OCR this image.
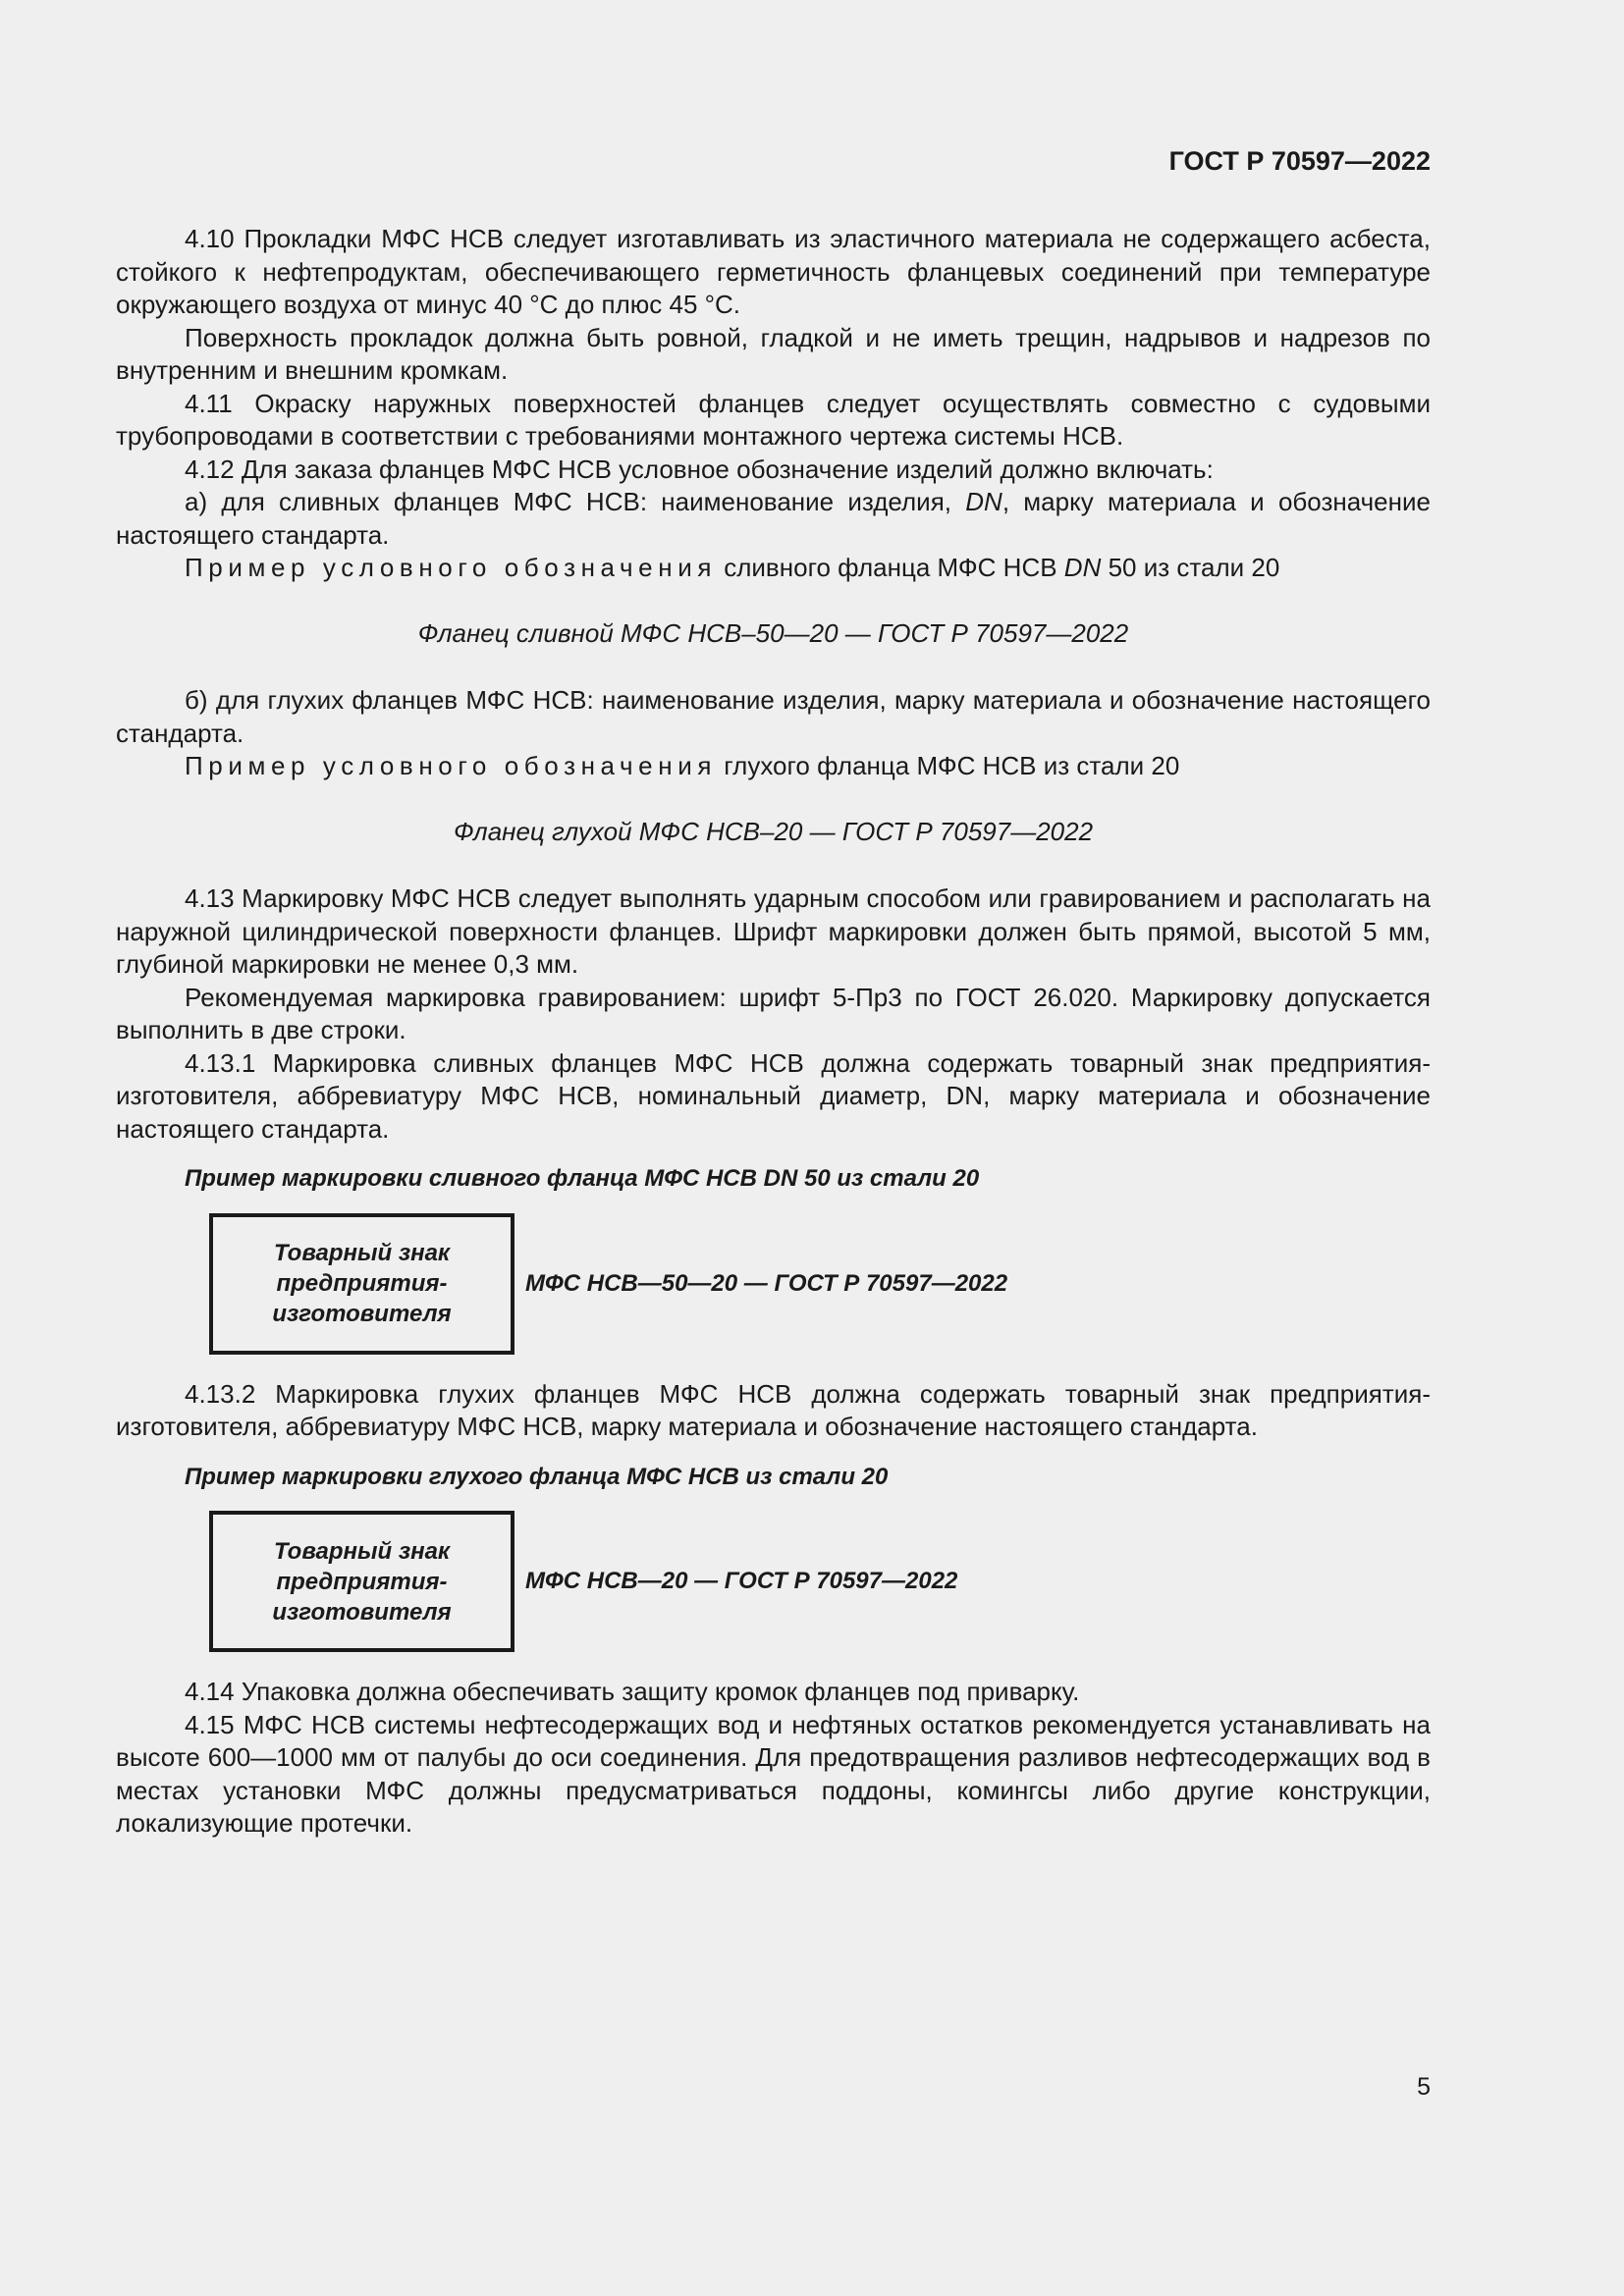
ГОСТ Р 70597—2022

4.10 Прокладки МФС НСВ следует изготавливать из эластичного материала не содержащего асбеста, стойкого к нефтепродуктам, обеспечивающего герметичность фланцевых соединений при температуре окружающего воздуха от минус 40 °С до плюс 45 °С.

Поверхность прокладок должна быть ровной, гладкой и не иметь трещин, надрывов и надрезов по внутренним и внешним кромкам.

4.11 Окраску наружных поверхностей фланцев следует осуществлять совместно с судовыми трубопроводами в соответствии с требованиями монтажного чертежа системы НСВ.

4.12 Для заказа фланцев МФС НСВ условное обозначение изделий должно включать:

а) для сливных фланцев МФС НСВ: наименование изделия, DN, марку материала и обозначение настоящего стандарта.

Пример условного обозначения сливного фланца МФС НСВ DN 50 из стали 20

Фланец сливной МФС НСВ–50—20 — ГОСТ Р 70597—2022

б) для глухих фланцев МФС НСВ: наименование изделия, марку материала и обозначение настоящего стандарта.

Пример условного обозначения глухого фланца МФС НСВ из стали 20

Фланец глухой МФС НСВ–20 — ГОСТ Р 70597—2022

4.13 Маркировку МФС НСВ следует выполнять ударным способом или гравированием и располагать на наружной цилиндрической поверхности фланцев. Шрифт маркировки должен быть прямой, высотой 5 мм, глубиной маркировки не менее 0,3 мм.

Рекомендуемая маркировка гравированием: шрифт 5-Пр3 по ГОСТ 26.020. Маркировку допускается выполнить в две строки.

4.13.1 Маркировка сливных фланцев МФС НСВ должна содержать товарный знак предприятия-изготовителя, аббревиатуру МФС НСВ, номинальный диаметр, DN, марку материала и обозначение настоящего стандарта.

Пример маркировки сливного фланца МФС НСВ DN 50 из стали 20

Товарный знак
предприятия-
изготовителя
МФС НСВ—50—20 — ГОСТ Р 70597—2022

4.13.2 Маркировка глухих фланцев МФС НСВ должна содержать товарный знак предприятия-изготовителя, аббревиатуру МФС НСВ, марку материала и обозначение настоящего стандарта.

Пример маркировки глухого фланца МФС НСВ из стали 20

Товарный знак
предприятия-
изготовителя
МФС НСВ—20 — ГОСТ Р 70597—2022

4.14 Упаковка должна обеспечивать защиту кромок фланцев под приварку.

4.15 МФС НСВ системы нефтесодержащих вод и нефтяных остатков рекомендуется устанавливать на высоте 600—1000 мм от палубы до оси соединения. Для предотвращения разливов нефтесодержащих вод в местах установки МФС должны предусматриваться поддоны, комингсы либо другие конструкции, локализующие протечки.

5
